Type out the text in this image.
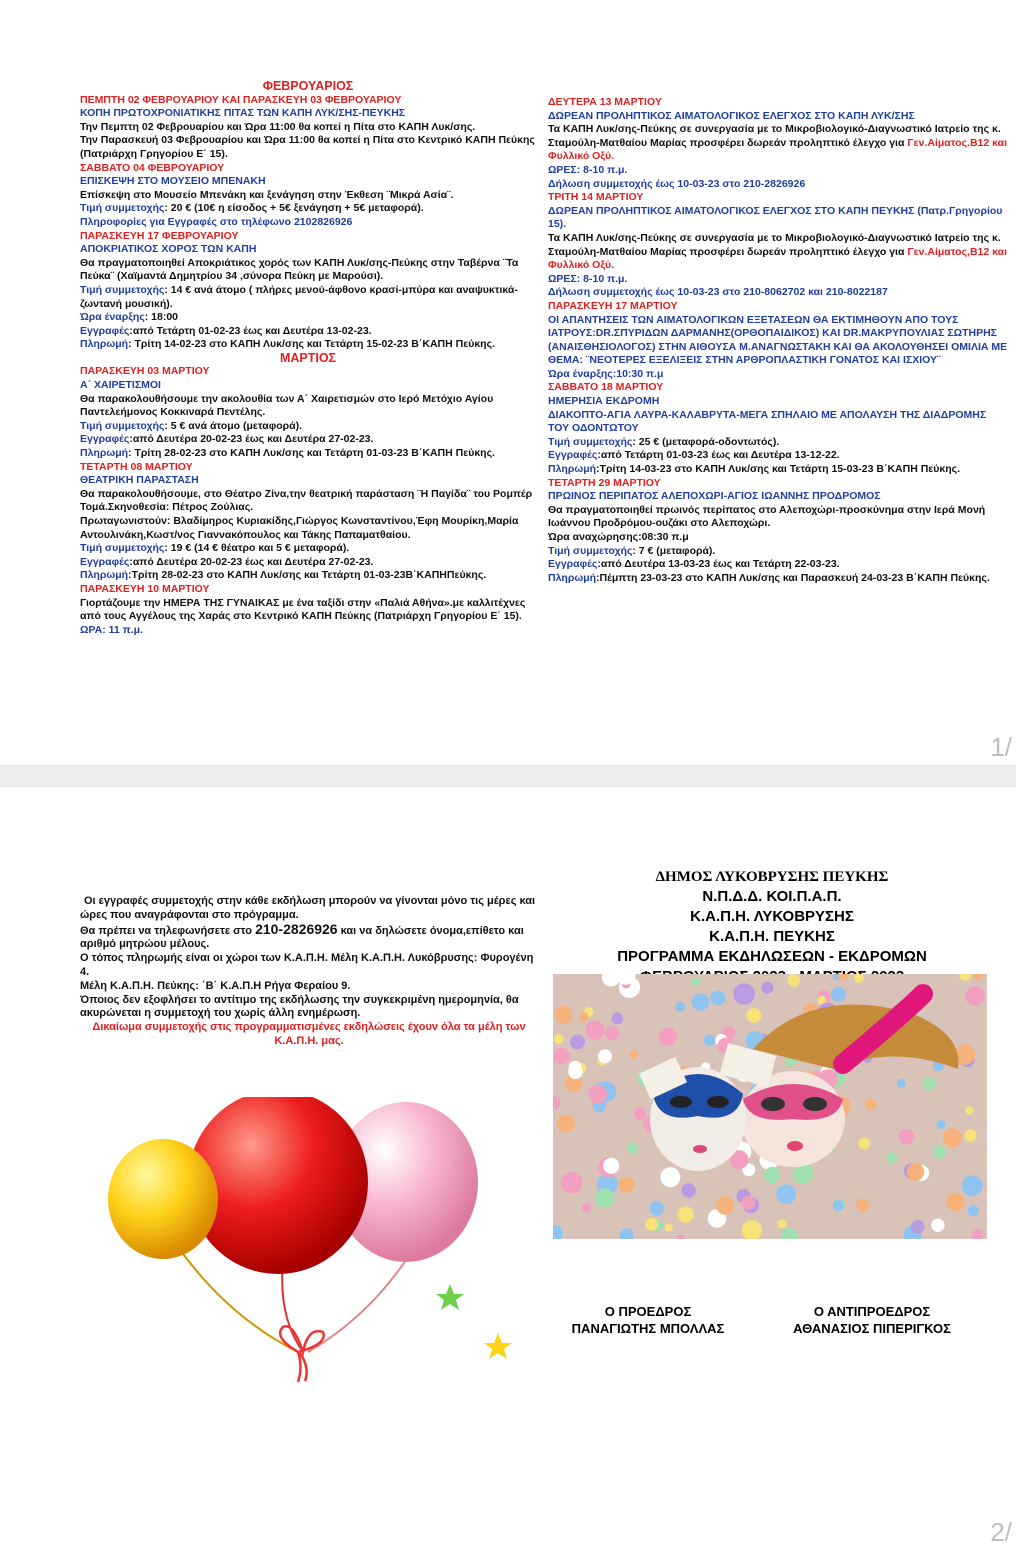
ΦΕΒΡΟΥΑΡΙΟΣ
ΠΕΜΠΤΗ 02 ΦΕΒΡΟΥΑΡΙΟΥ ΚΑΙ ΠΑΡΑΣΚΕΥΗ 03 ΦΕΒΡΟΥΑΡΙΟΥ
ΚΟΠΗ ΠΡΩΤΟΧΡΟΝΙΑΤΙΚΗΣ ΠΙΤΑΣ ΤΩΝ ΚΑΠΗ ΛΥΚ/ΣΗΣ-ΠΕΥΚΗΣ
Την Πεμπτη 02 Φεβρουαρίου και Ώρα 11:00 θα κοπεί η Πίτα στο ΚΑΠΗ Λυκ/σης.
Την Παρασκευή 03 Φεβρουαρίου και Ώρα 11:00 θα κοπεί η Πίτα στο Κεντρικό ΚΑΠΗ Πεύκης (Πατριάρχη Γρηγορίου Ε΄ 15).
ΣΑΒΒΑΤΟ 04 ΦΕΒΡΟΥΑΡΙΟΥ
ΕΠΙΣΚΕΨΗ ΣΤΟ ΜΟΥΣΕΙΟ ΜΠΕΝΑΚΗ
Επίσκεψη στο Μουσείο Μπενάκη και ξενάγηση στην Έκθεση ¨Μικρά Ασία¨.
Τιμή συμμετοχής: 20 € (10€ η είσοδος + 5€ ξενάγηση + 5€ μεταφορά).
Πληροφορίες για Εγγραφές στο τηλέφωνο 2102826926
ΠΑΡΑΣΚΕΥΗ 17 ΦΕΒΡΟΥΑΡΙΟΥ
ΑΠΟΚΡΙΑΤΙΚΟΣ ΧΟΡΟΣ ΤΩΝ ΚΑΠΗ
Θα πραγματοποιηθεί Αποκριάτικος χορός των ΚΑΠΗ Λυκ/σης-Πεύκης στην Ταβέρνα ¨Τα Πεύκα¨ (Χαϊμαντά Δημητρίου 34 ,σύνορα Πεύκη με Μαρούσι).
Τιμή συμμετοχής: 14 € ανά άτομο ( πλήρες μενού-άφθονο κρασί-μπύρα και αναψυκτικά-ζωντανή μουσική).
Ώρα έναρξης: 18:00
Εγγραφές:από Τετάρτη 01-02-23 έως και Δευτέρα 13-02-23.
Πληρωμή: Τρίτη 14-02-23 στο ΚΑΠΗ Λυκ/σης και Τετάρτη 15-02-23 Β΄ΚΑΠΗ Πεύκης.
ΜΑΡΤΙΟΣ
ΠΑΡΑΣΚΕΥΗ 03 ΜΑΡΤΙΟΥ
Α΄ ΧΑΙΡΕΤΙΣΜΟΙ
Θα παρακολουθήσουμε την ακολουθία των Α΄ Χαιρετισμών στο Ιερό Μετόχιο Αγίου Παντελεήμονος Κοκκιναρά Πεντέλης.
Τιμή συμμετοχής: 5 € ανά άτομο (μεταφορά).
Εγγραφές:από Δευτέρα 20-02-23 έως και Δευτέρα 27-02-23.
Πληρωμή: Τρίτη 28-02-23 στο ΚΑΠΗ Λυκ/σης και Τετάρτη 01-03-23 Β΄ΚΑΠΗ Πεύκης.
ΤΕΤΑΡΤΗ 08 ΜΑΡΤΙΟΥ
ΘΕΑΤΡΙΚΗ ΠΑΡΑΣΤΑΣΗ
Θα παρακολουθήσουμε, στο Θέατρο Ζίνα,την θεατρική παράσταση ¨Η Παγίδα¨ του Ρομπέρ Τομά.Σκηνοθεσία: Πέτρος Ζούλιας.
Πρωταγωνιστούν: Βλαδίμηρος Κυριακίδης,Γιώργος Κωνσταντίνου,Έφη Μουρίκη,Μαρία Αντουλινάκη,Κωστ/νος Γιαννακόπουλος και Τάκης Παπαματθαίου.
Τιμή συμμετοχής: 19 € (14 € θέατρο και 5 € μεταφορά).
Εγγραφές:από Δευτέρα 20-02-23 έως και Δευτέρα 27-02-23.
Πληρωμή:Τρίτη 28-02-23 στο ΚΑΠΗ Λυκ/σης και Τετάρτη 01-03-23Β΄ΚΑΠΗΠεύκης.
ΠΑΡΑΣΚΕΥΗ 10 ΜΑΡΤΙΟΥ
Γιορτάζουμε την ΗΜΕΡΑ ΤΗΣ ΓΥΝΑΙΚΑΣ με ένα ταξίδι στην «Παλιά Αθήνα».με καλλιτέχνες από τους Αγγέλους της Χαράς στο Κεντρικό ΚΑΠΗ Πεύκης (Πατριάρχη Γρηγορίου Ε΄ 15).
ΩΡΑ: 11 π.μ.
ΔΕΥΤΕΡΑ 13 ΜΑΡΤΙΟΥ
ΔΩΡΕΑΝ ΠΡΟΛΗΠΤΙΚΟΣ ΑΙΜΑΤΟΛΟΓΙΚΟΣ ΕΛΕΓΧΟΣ ΣΤΟ ΚΑΠΗ ΛΥΚ/ΣΗΣ
Τα ΚΑΠΗ Λυκ/σης-Πεύκης σε συνεργασία με το Μικροβιολογικό-Διαγνωστικό Ιατρείο της κ. Σταμούλη-Ματθαίου Μαρίας προσφέρει δωρεάν προληπτικό έλεγχο για Γεν.Αίματος.Β12 και Φυλλικό Οξύ.
ΩΡΕΣ: 8-10 π.μ.
Δήλωση συμμετοχής έως 10-03-23 στο 210-2826926
ΤΡΙΤΗ 14 ΜΑΡΤΙΟΥ
ΔΩΡΕΑΝ ΠΡΟΛΗΠΤΙΚΟΣ ΑΙΜΑΤΟΛΟΓΙΚΟΣ ΕΛΕΓΧΟΣ ΣΤΟ ΚΑΠΗ ΠΕΥΚΗΣ (Πατρ.Γρηγορίου 15).
Τα ΚΑΠΗ Λυκ/σης-Πεύκης σε συνεργασία με το Μικροβιολογικό-Διαγνωστικό Ιατρείο της κ. Σταμούλη-Ματθαίου Μαρίας προσφέρει δωρεάν προληπτικό έλεγχο για Γεν.Αίματος,Β12 και Φυλλικό Οξύ.
ΩΡΕΣ: 8-10 π.μ.
Δήλωση συμμετοχής έως 10-03-23 στο 210-8062702 και 210-8022187
ΠΑΡΑΣΚΕΥΗ 17 ΜΑΡΤΙΟΥ
ΟΙ ΑΠΑΝΤΗΣΕΙΣ ΤΩΝ ΑΙΜΑΤΟΛΟΓΙΚΩΝ ΕΞΕΤΑΣΕΩΝ ΘΑ ΕΚΤΙΜΗΘΟΥΝ ΑΠΟ ΤΟΥΣ ΙΑΤΡΟΥΣ:DR.ΣΠΥΡΙΔΩΝ ΔΑΡΜΑΝΗΣ(ΟΡΘΟΠΑΙΔΙΚΟΣ) ΚΑΙ DR.ΜΑΚΡΥΠΟΥΛΙΑΣ ΣΩΤΗΡΗΣ (ΑΝΑΙΣΘΗΣΙΟΛΟΓΟΣ) ΣΤΗΝ ΑΙΘΟΥΣΑ Μ.ΑΝΑΓΝΩΣΤΑΚΗ ΚΑΙ ΘΑ ΑΚΟΛΟΥΘΗΣΕΙ ΟΜΙΛΙΑ ΜΕ ΘΕΜΑ: ¨ΝΕΟΤΕΡΕΣ ΕΞΕΛΙΞΕΙΣ ΣΤΗΝ ΑΡΘΡΟΠΛΑΣΤΙΚΗ ΓΟΝΑΤΟΣ ΚΑΙ ΙΣΧΙΟΥ¨
Ώρα έναρξης:10:30 π.μ
ΣΑΒΒΑΤΟ 18 ΜΑΡΤΙΟΥ
ΗΜΕΡΗΣΙΑ ΕΚΔΡΟΜΗ
ΔΙΑΚΟΠΤΟ-ΑΓΙΑ ΛΑΥΡΑ-ΚΑΛΑΒΡΥΤΑ-ΜΕΓΑ ΣΠΗΛΑΙΟ ΜΕ ΑΠΟΛΑΥΣΗ ΤΗΣ ΔΙΑΔΡΟΜΗΣ ΤΟΥ ΟΔΟΝΤΩΤΟΥ
Τιμή συμμετοχής: 25 € (μεταφορά-οδοντωτός).
Εγγραφές:από Τετάρτη 01-03-23 έως και Δευτέρα 13-12-22.
Πληρωμή:Τρίτη 14-03-23 στο ΚΑΠΗ Λυκ/σης και Τετάρτη 15-03-23 Β΄ΚΑΠΗ Πεύκης.
ΤΕΤΑΡΤΗ 29 ΜΑΡΤΙΟΥ
ΠΡΩΙΝΟΣ ΠΕΡΙΠΑΤΟΣ ΑΛΕΠΟΧΩΡΙ-ΑΓΙΟΣ ΙΩΑΝΝΗΣ ΠΡΟΔΡΟΜΟΣ
Θα πραγματοποιηθεί πρωινός περίπατος στο Αλεποχώρι-προσκύνημα στην Ιερά Μονή Ιωάννου Προδρόμου-ουζάκι στο Αλεποχώρι.
Ώρα αναχώρησης:08:30 π.μ
Τιμή συμμετοχής: 7 € (μεταφορά).
Εγγραφές:από Δευτέρα 13-03-23 έως και Τετάρτη 22-03-23.
Πληρωμή:Πέμπτη 23-03-23 στο ΚΑΠΗ Λυκ/σης και Παρασκευή 24-03-23 Β΄ΚΑΠΗ Πεύκης.
1/
Οι εγγραφές συμμετοχής στην κάθε εκδήλωση μπορούν να γίνονται μόνο τις μέρες και ώρες που αναγράφονται στο πρόγραμμα.
Θα πρέπει να τηλεφωνήσετε στο 210-2826926 και να δηλώσετε όνομα,επίθετο και αριθμό μητρώου μέλους.
Ο τόπος πληρωμής είναι οι χώροι των Κ.Α.Π.Η. Μέλη Κ.Α.Π.Η. Λυκόβρυσης: Φυρογένη 4.
Μέλη Κ.Α.Π.Η. Πεύκης: ΄Β΄ Κ.Α.Π.Η Ρήγα Φεραίου 9.
Όποιος δεν εξοφλήσει το αντίτιμο της εκδήλωσης την συγκεκριμένη ημερομηνία, θα ακυρώνεται η συμμετοχή του χωρίς άλλη ενημέρωση.
Δικαίωμα συμμετοχής στις προγραμματισμένες εκδηλώσεις έχουν όλα τα μέλη των Κ.Α.Π.Η. μας.
ΔΗΜΟΣ ΛΥΚΟΒΡΥΣΗΣ ΠΕΥΚΗΣ
Ν.Π.Δ.Δ. ΚΟΙ.Π.Α.Π.
Κ.Α.Π.Η. ΛΥΚΟΒΡΥΣΗΣ
Κ.Α.Π.Η. ΠΕΥΚΗΣ
ΠΡΟΓΡΑΜΜΑ ΕΚΔΗΛΩΣΕΩΝ - ΕΚΔΡΟΜΩΝ
Ο ΠΡΟΕΔΡΟΣ
ΠΑΝΑΓΙΩΤΗΣ ΜΠΟΛΛΑΣ
Ο ΑΝΤΙΠΡΟΕΔΡΟΣ
ΑΘΑΝΑΣΙΟΣ ΠΙΠΕΡΙΓΚΟΣ
2/
